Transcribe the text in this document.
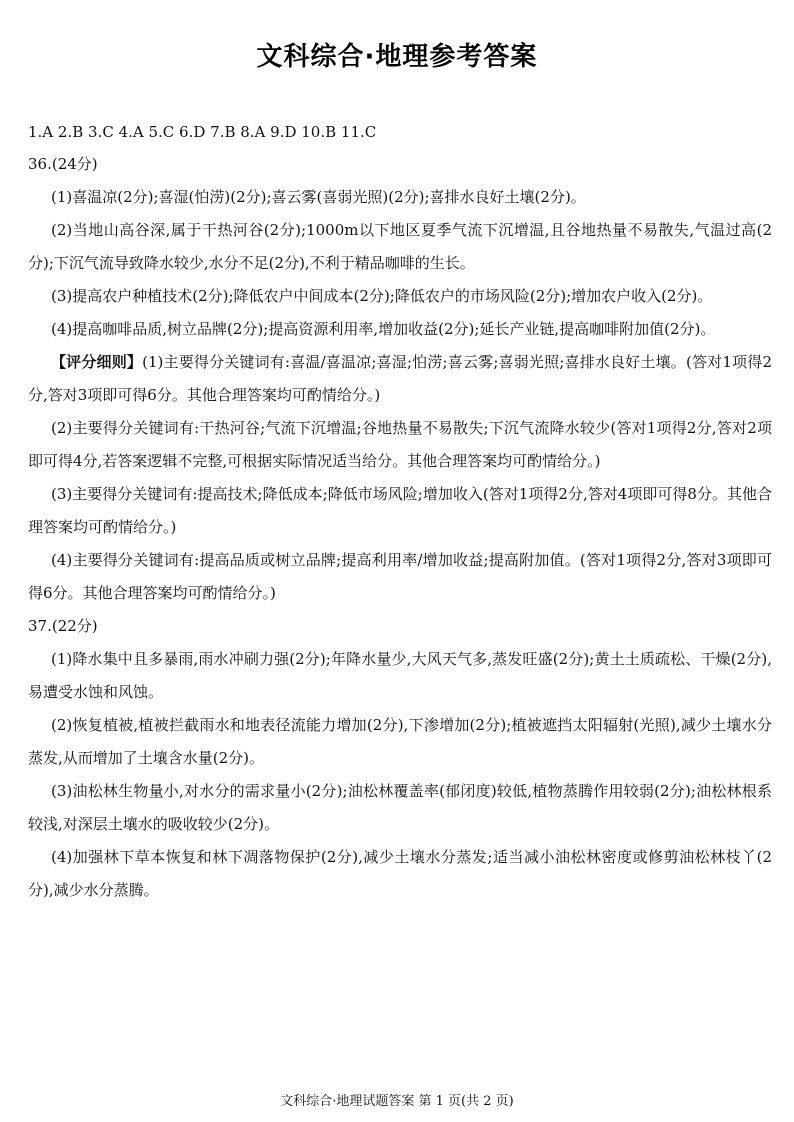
文科综合·地理参考答案
1.A 2.B 3.C 4.A 5.C 6.D 7.B 8.A 9.D 10.B 11.C
36.(24分)

(1)喜温凉(2分);喜湿(怕涝)(2分);喜云雾(喜弱光照)(2分);喜排水良好土壤(2分)。

(2)当地山高谷深,属于干热河谷(2分);1000m以下地区夏季气流下沉增温,且谷地热量不易散失,气温过高(2分);下沉气流导致降水较少,水分不足(2分),不利于精品咖啡的生长。

(3)提高农户种植技术(2分);降低农户中间成本(2分);降低农户的市场风险(2分);增加农户收入(2分)。

(4)提高咖啡品质,树立品牌(2分);提高资源利用率,增加收益(2分);延长产业链,提高咖啡附加值(2分)。

【评分细则】(1)主要得分关键词有:喜温/喜温凉;喜湿;怕涝;喜云雾;喜弱光照;喜排水良好土壤。(答对1项得2分,答对3项即可得6分。其他合理答案均可酌情给分。)

(2)主要得分关键词有:干热河谷;气流下沉增温;谷地热量不易散失;下沉气流降水较少(答对1项得2分,答对2项即可得4分,若答案逻辑不完整,可根据实际情况适当给分。其他合理答案均可酌情给分。)

(3)主要得分关键词有:提高技术;降低成本;降低市场风险;增加收入(答对1项得2分,答对4项即可得8分。其他合理答案均可酌情给分。)

(4)主要得分关键词有:提高品质或树立品牌;提高利用率/增加收益;提高附加值。(答对1项得2分,答对3项即可得6分。其他合理答案均可酌情给分。)

37.(22分)

(1)降水集中且多暴雨,雨水冲刷力强(2分);年降水量少,大风天气多,蒸发旺盛(2分);黄土土质疏松、干燥(2分),易遭受水蚀和风蚀。

(2)恢复植被,植被拦截雨水和地表径流能力增加(2分),下渗增加(2分);植被遮挡太阳辐射(光照),减少土壤水分蒸发,从而增加了土壤含水量(2分)。

(3)油松林生物量小,对水分的需求量小(2分);油松林覆盖率(郁闭度)较低,植物蒸腾作用较弱(2分);油松林根系较浅,对深层土壤水的吸收较少(2分)。

(4)加强林下草本恢复和林下凋落物保护(2分),减少土壤水分蒸发;适当减小油松林密度或修剪油松林枝丫(2分),减少水分蒸腾。

文科综合·地理试题答案 第 1 页(共 2 页)
